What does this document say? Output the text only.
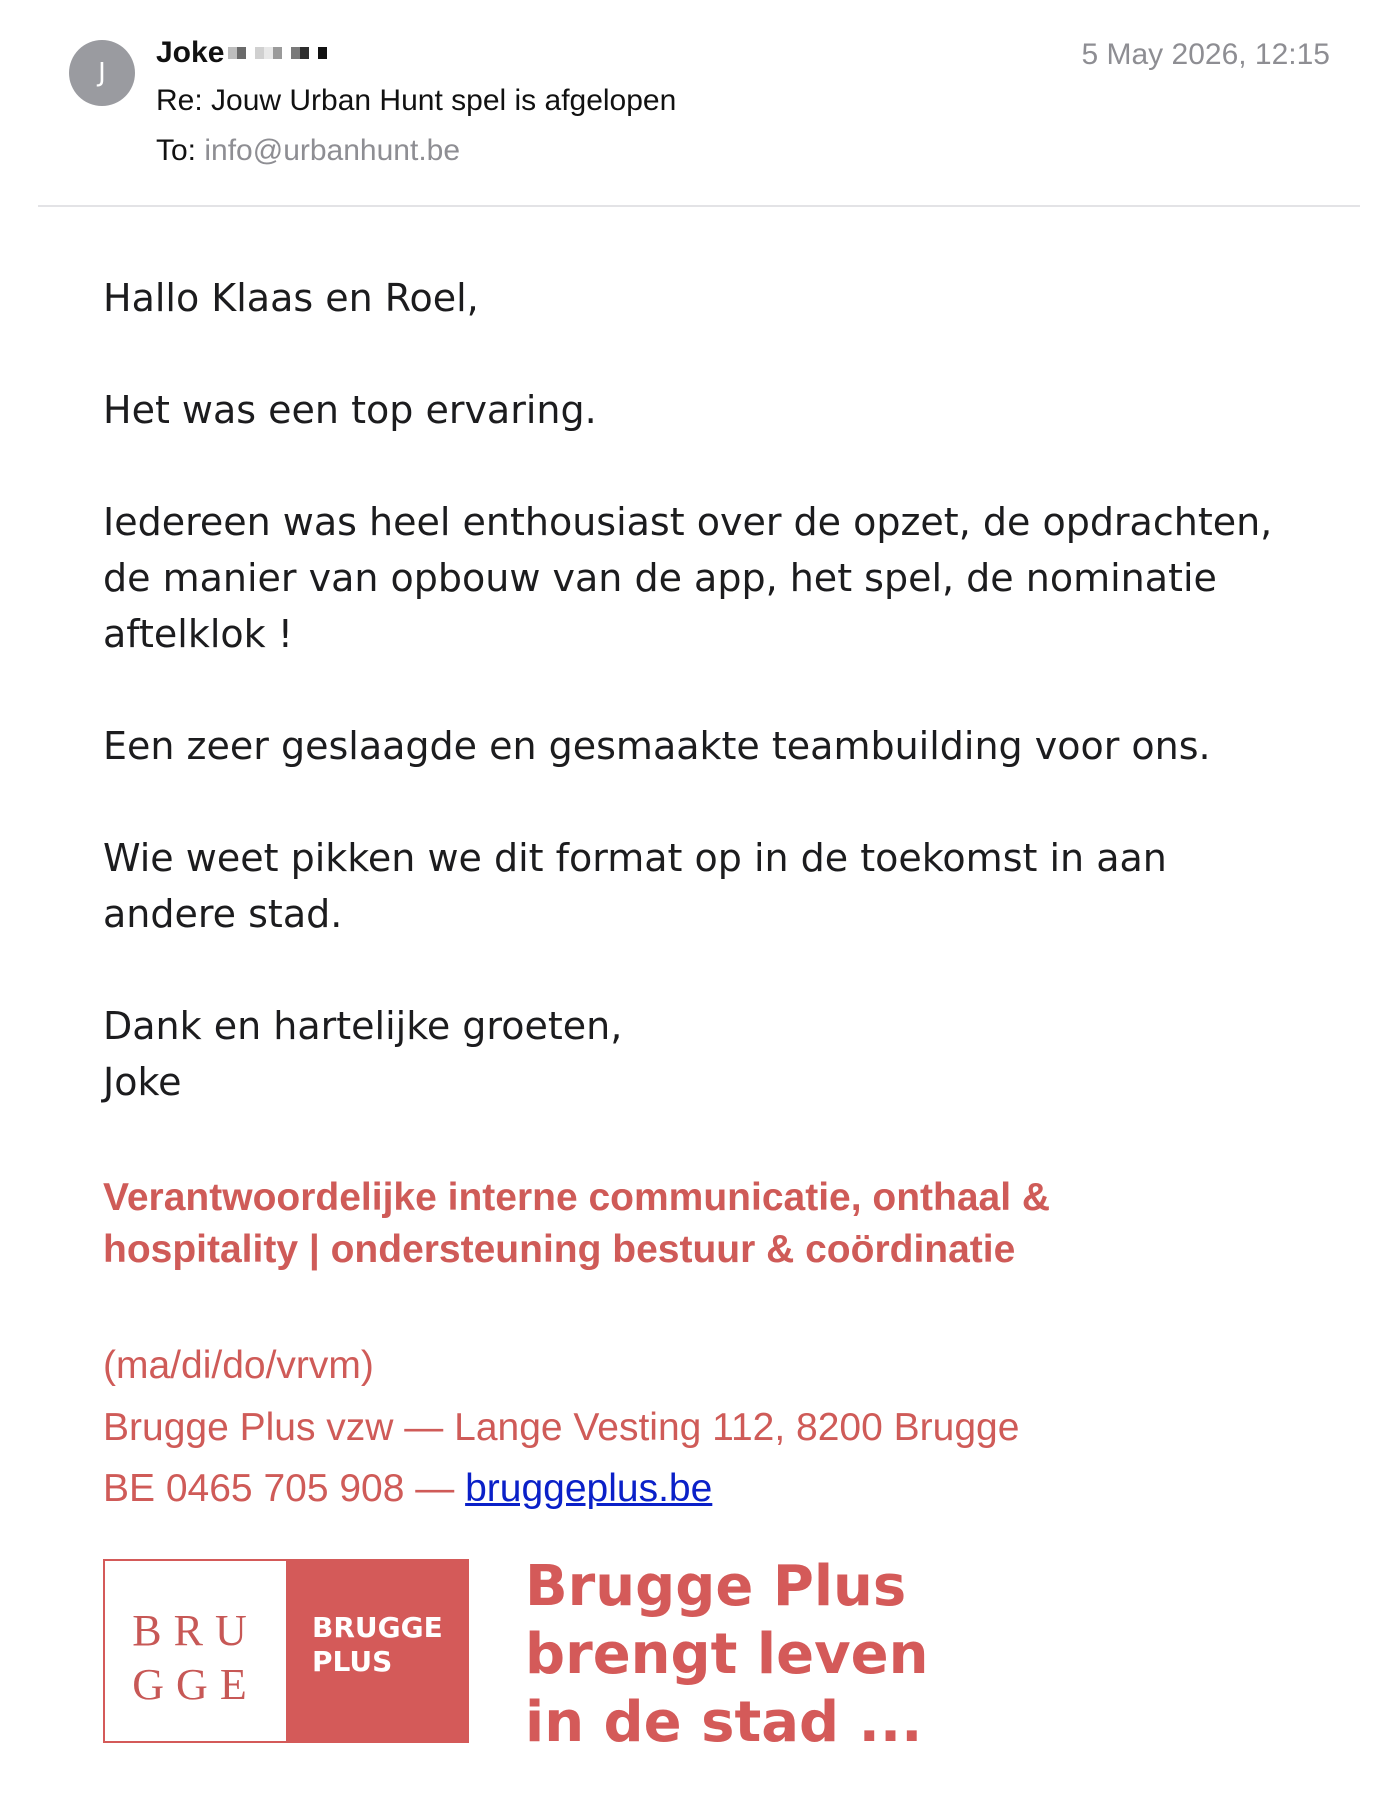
J
Joke	5 May 2026, 12:15
Re: Jouw Urban Hunt spel is afgelopen
To: info@urbanhunt.be

Hallo Klaas en Roel,

Het was een top ervaring.

Iedereen was heel enthousiast over de opzet, de opdrachten,
de manier van opbouw van de app, het spel, de nominatie
aftelklok !

Een zeer geslaagde en gesmaakte teambuilding voor ons.

Wie weet pikken we dit format op in de toekomst in aan
andere stad.

Dank en hartelijke groeten,
Joke

Verantwoordelijke interne communicatie, onthaal &
hospitality | ondersteuning bestuur & coördinatie
(ma/di/do/vrvm)
Brugge Plus vzw — Lange Vesting 112, 8200 Brugge
BE 0465 705 908 — bruggeplus.be
BRU
GGE
BRUGGE
PLUS
Brugge Plus
brengt leven
in de stad ...
